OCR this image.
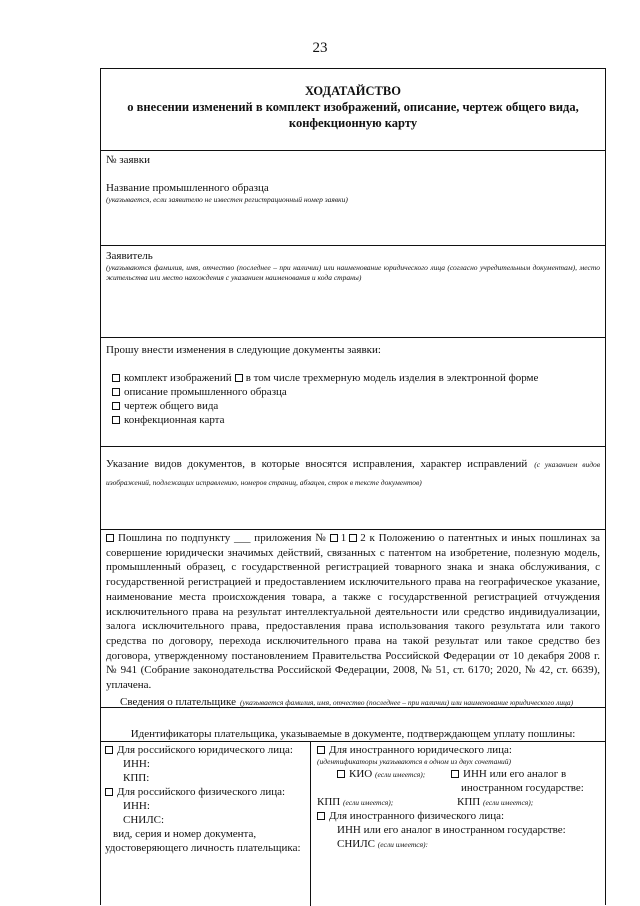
23
ХОДАТАЙСТВО
о внесении изменений в комплект изображений, описание, чертеж общего вида, конфекционную карту
№ заявки
Название промышленного образца
(указывается, если заявителю не известен регистрационный номер заявки)
Заявитель
(указываются фамилия, имя, отчество (последнее – при наличии) или наименование юридического лица (согласно учредительным документам), место жительства или место нахождения с указанием наименования и кода страны)
Прошу внести изменения в следующие документы заявки:
комплект изображений в том числе трехмерную модель изделия в электронной форме
описание промышленного образца
чертеж общего вида
конфекционная карта
Указание видов документов, в которые вносятся исправления, характер исправлений (с указанием видов изображений, подлежащих исправлению, номеров страниц, абзацев, строк в тексте документов)
Пошлина по подпункту ___ приложения № 1 2 к Положению о патентных и иных пошлинах за совершение юридически значимых действий, связанных с патентом на изобретение, полезную модель, промышленный образец, с государственной регистрацией товарного знака и знака обслуживания, с государственной регистрацией и предоставлением исключительного права на географическое указание, наименование места происхождения товара, а также с государственной регистрацией отчуждения исключительного права на результат интеллектуальной деятельности или средство индивидуализации, залога исключительного права, предоставления права использования такого результата или такого средства по договору, перехода исключительного права на такой результат или такое средство без договора, утвержденному постановлением Правительства Российской Федерации от 10 декабря 2008 г. № 941 (Собрание законодательства Российской Федерации, 2008, № 51, ст. 6170; 2020, № 42, ст. 6639), уплачена.
Сведения о плательщике (указывается фамилия, имя, отчество (последнее – при наличии) или наименование юридического лица)
Идентификаторы плательщика, указываемые в документе, подтверждающем уплату пошлины:
Для российского юридического лица:
ИНН:
КПП:
Для российского физического лица:
ИНН:
СНИЛС:
вид, серия и номер документа,
удостоверяющего личность плательщика:
Для иностранного юридического лица:
(идентификаторы указываются в одном из двух сочетаний)
КИО (если имеется);	ИНН или его аналог в
иностранном государстве:
КПП (если имеется);	КПП (если имеется);
Для иностранного физического лица:
ИНН или его аналог в иностранном государстве:
СНИЛС (если имеется):
